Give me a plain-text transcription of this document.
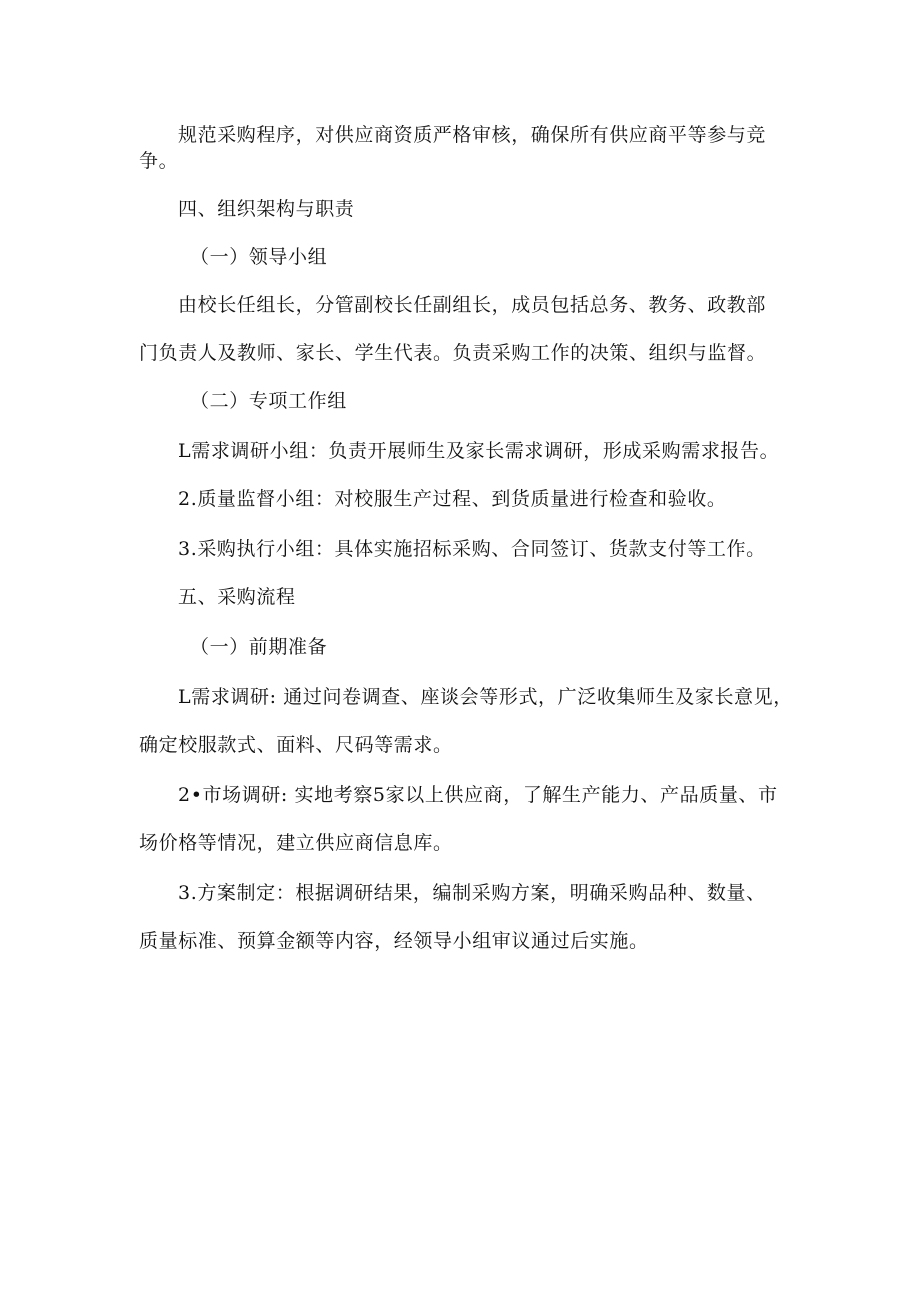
规范采购程序，对供应商资质严格审核，确保所有供应商平等参与竞
争。
四、组织架构与职责
（一）领导小组
由校长任组长，分管副校长任副组长，成员包括总务、教务、政教部
门负责人及教师、家长、学生代表。负责采购工作的决策、组织与监督。
（二）专项工作组
L需求调研小组：负责开展师生及家长需求调研，形成采购需求报告。
2.质量监督小组：对校服生产过程、到货质量进行检查和验收。
3.采购执行小组：具体实施招标采购、合同签订、货款支付等工作。
五、采购流程
（一）前期准备
L需求调研: 通过问卷调查、座谈会等形式，广泛收集师生及家长意见，
确定校服款式、面料、尺码等需求。
2•市场调研: 实地考察5家以上供应商，了解生产能力、产品质量、市
场价格等情况，建立供应商信息库。
3.方案制定：根据调研结果，编制采购方案，明确采购品种、数量、
质量标准、预算金额等内容，经领导小组审议通过后实施。
